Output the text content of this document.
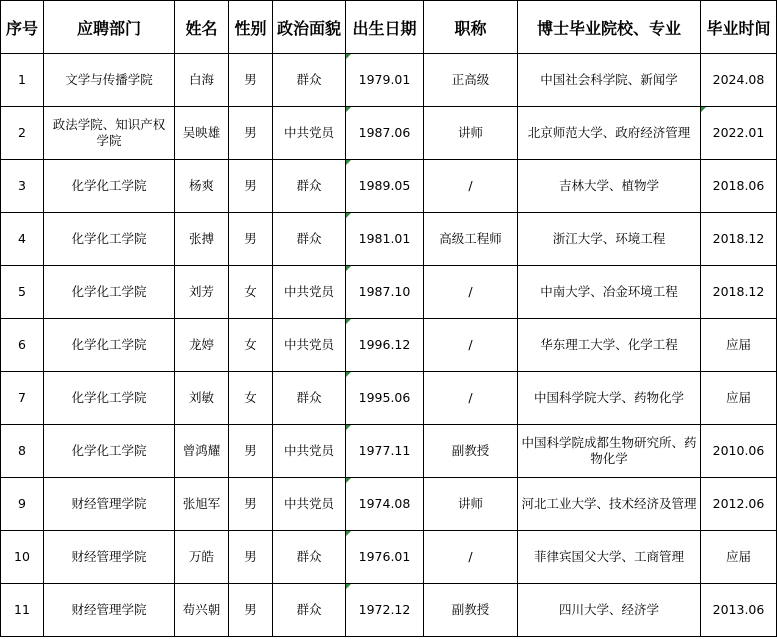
序号	应聘部门	姓名	性别	政治面貌	出生日期	职称	博士毕业院校、专业	毕业时间
1	文学与传播学院	白海	男	群众	1979.01	正高级	中国社会科学院、新闻学	2024.08
2	政法学院、知识产权学院	吴映雄	男	中共党员	1987.06	讲师	北京师范大学、政府经济管理	2022.01
3	化学化工学院	杨爽	男	群众	1989.05	/	吉林大学、植物学	2018.06
4	化学化工学院	张搏	男	群众	1981.01	高级工程师	浙江大学、环境工程	2018.12
5	化学化工学院	刘芳	女	中共党员	1987.10	/	中南大学、冶金环境工程	2018.12
6	化学化工学院	龙婷	女	中共党员	1996.12	/	华东理工大学、化学工程	应届
7	化学化工学院	刘敏	女	群众	1995.06	/	中国科学院大学、药物化学	应届
8	化学化工学院	曾鸿耀	男	中共党员	1977.11	副教授	中国科学院成都生物研究所、药物化学	2010.06
9	财经管理学院	张旭军	男	中共党员	1974.08	讲师	河北工业大学、技术经济及管理	2012.06
10	财经管理学院	万皓	男	群众	1976.01	/	菲律宾国父大学、工商管理	应届
11	财经管理学院	苟兴朝	男	群众	1972.12	副教授	四川大学、经济学	2013.06
